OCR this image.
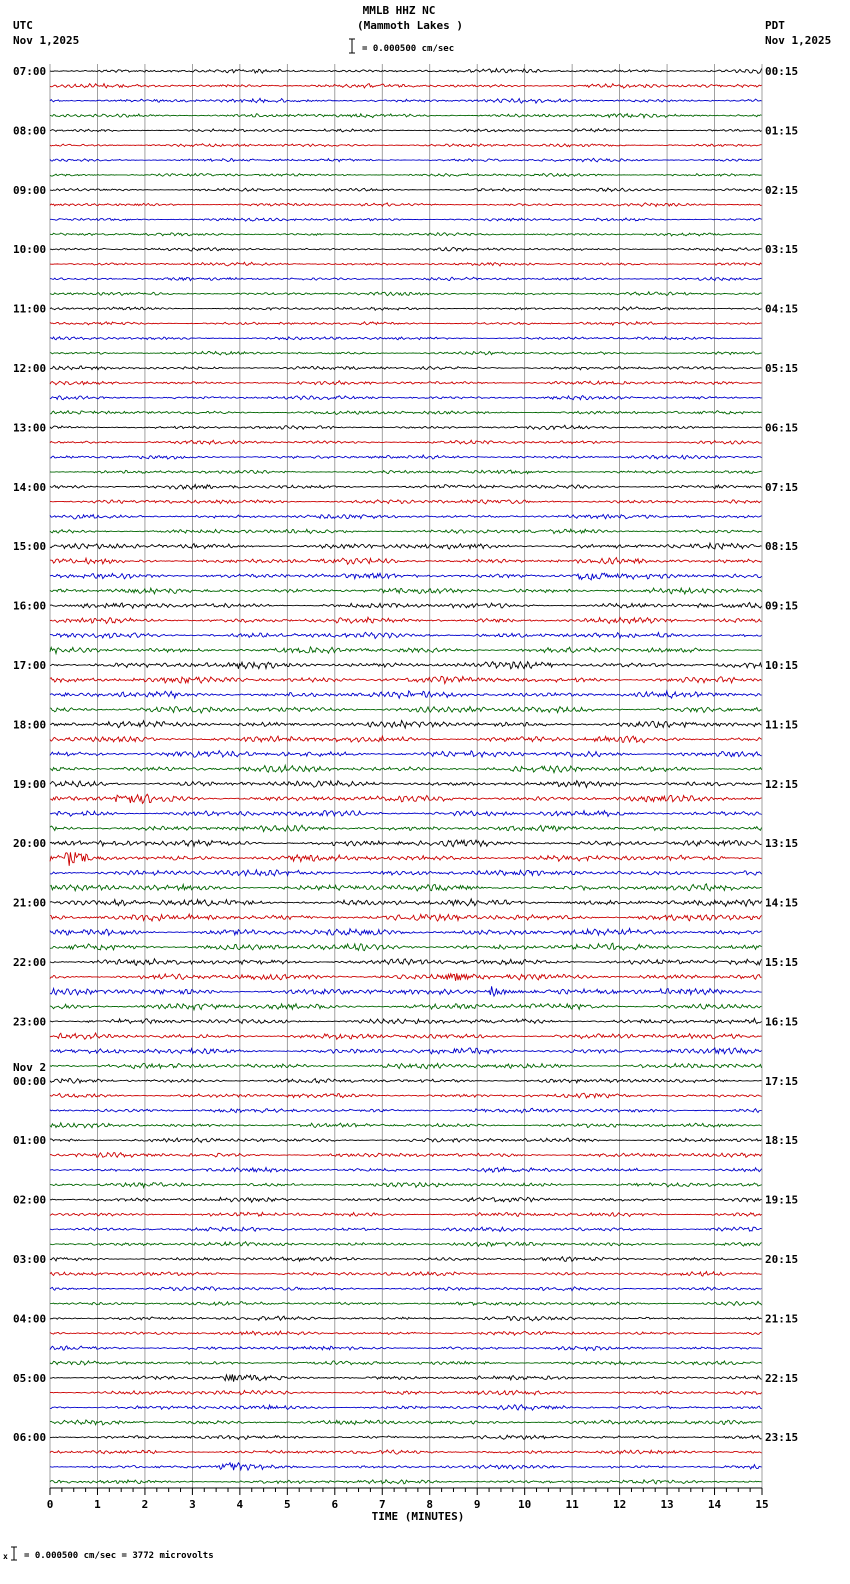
MMLB HHZ NC
(Mammoth Lakes )
= 0.000500 cm/sec
UTC
Nov 1,2025
PDT
Nov 1,2025
0	1	2	3	4	5	6	7	8	9	10	11	12	13	14	15
TIME (MINUTES)
07:00	00:15
08:00	01:15
09:00	02:15
10:00	03:15
11:00	04:15
12:00	05:15
13:00	06:15
14:00	07:15
15:00	08:15
16:00	09:15
17:00	10:15
18:00	11:15
19:00	12:15
20:00	13:15
21:00	14:15
22:00	15:15
23:00	16:15
00:00	17:15
01:00	18:15
02:00	19:15
03:00	20:15
04:00	21:15
05:00	22:15
06:00	23:15
Nov 2
x = 0.000500 cm/sec = 3772 microvolts
